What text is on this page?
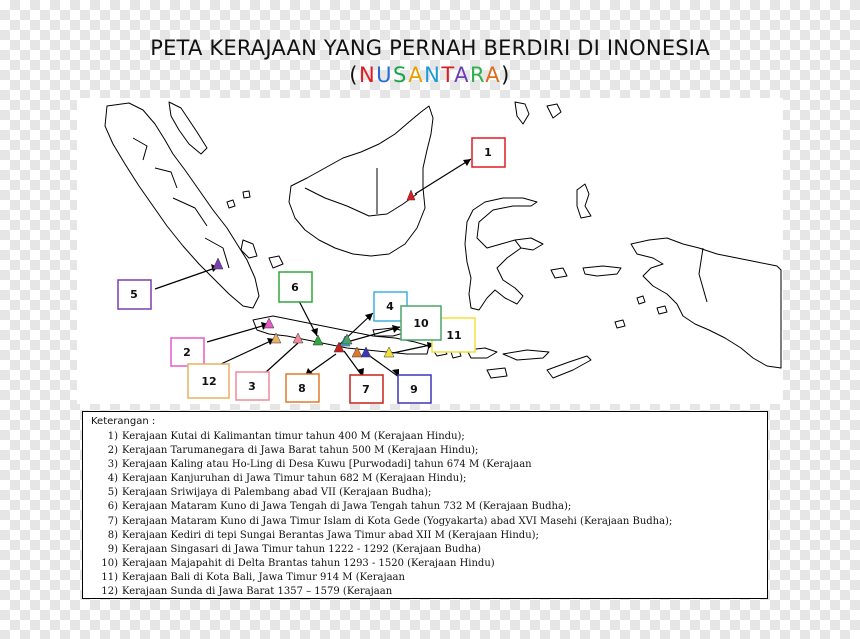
PETA KERAJAAN YANG PERNAH BERDIRI DI INONESIA
(NUSANTARA)
1
5
6
4
11
10
2
12	3	8	7	9
Keterangan :
1) Kerajaan Kutai di Kalimantan timur tahun 400 M (Kerajaan Hindu);
2) Kerajaan Tarumanegara di Jawa Barat tahun 500 M (Kerajaan Hindu);
3) Kerajaan Kaling atau Ho-Ling di Desa Kuwu [Purwodadi] tahun 674 M (Kerajaan
4) Kerajaan Kanjuruhan di Jawa Timur tahun 682 M (Kerajaan Hindu);
5) Kerajaan Sriwijaya di Palembang abad VII (Kerajaan Budha);
6) Kerajaan Mataram Kuno di Jawa Tengah di Jawa Tengah tahun 732 M (Kerajaan Budha);
7) Kerajaan Mataram Kuno di Jawa Timur Islam di Kota Gede (Yogyakarta) abad XVI Masehi (Kerajaan Budha);
8) Kerajaan Kediri di tepi Sungai Berantas Jawa Timur abad XII M (Kerajaan Hindu);
9) Kerajaan Singasari di Jawa Timur tahun 1222 - 1292 (Kerajaan Budha)
10) Kerajaan Majapahit di Delta Brantas tahun 1293 - 1520 (Kerajaan Hindu)
11) Kerajaan Bali di Kota Bali, Jawa Timur 914 M (Kerajaan
12) Kerajaan Sunda di Jawa Barat 1357 – 1579 (Kerajaan
